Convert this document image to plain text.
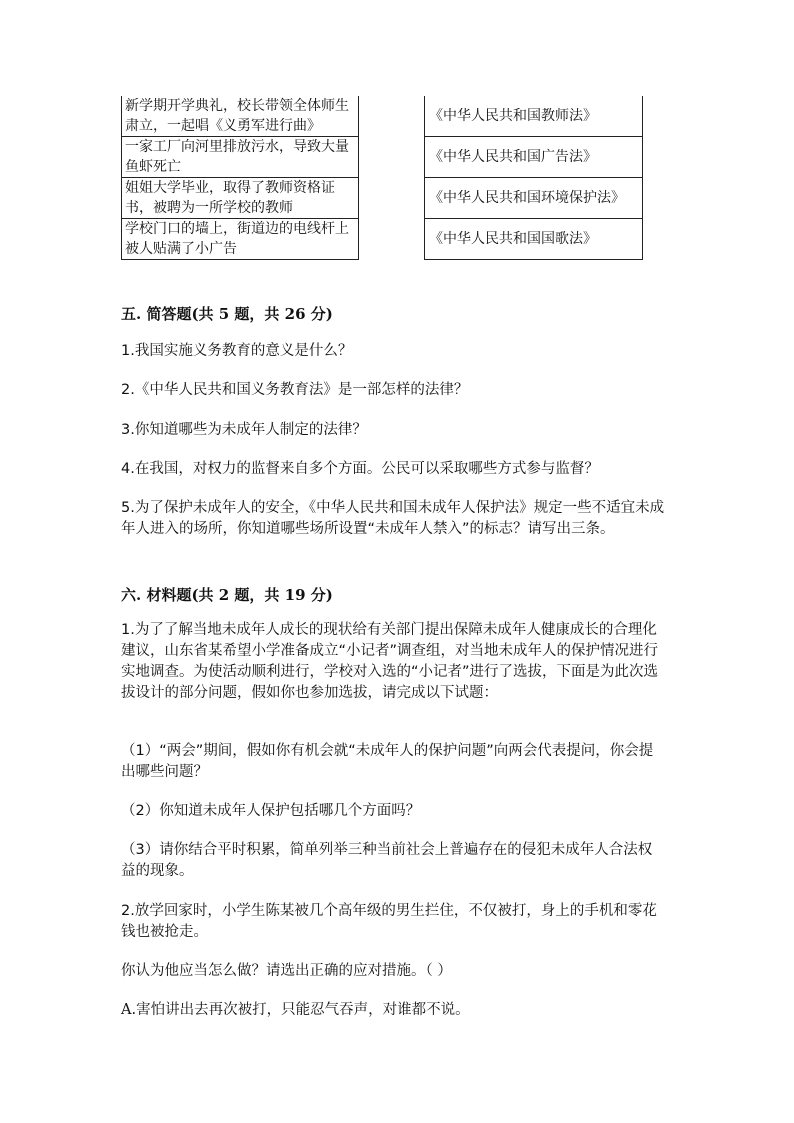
新学期开学典礼，校长带领全体师生肃立，一起唱《义勇军进行曲》
一家工厂向河里排放污水，导致大量鱼虾死亡
姐姐大学毕业，取得了教师资格证书，被聘为一所学校的教师
学校门口的墙上，街道边的电线杆上被人贴满了小广告
《中华人民共和国教师法》
《中华人民共和国广告法》
《中华人民共和国环境保护法》
《中华人民共和国国歌法》
五. 简答题(共 5 题，共 26 分)
1.我国实施义务教育的意义是什么？
2.《中华人民共和国义务教育法》是一部怎样的法律？
3.你知道哪些为未成年人制定的法律？
4.在我国，对权力的监督来自多个方面。公民可以采取哪些方式参与监督？
5.为了保护未成年人的安全，《中华人民共和国未成年人保护法》规定一些不适宜未成年人进入的场所，你知道哪些场所设置“未成年人禁入”的标志？请写出三条。
六. 材料题(共 2 题，共 19 分)
1.为了了解当地未成年人成长的现状给有关部门提出保障未成年人健康成长的合理化建议，山东省某希望小学准备成立“小记者”调查组，对当地未成年人的保护情况进行实地调查。为使活动顺利进行，学校对入选的“小记者”进行了选拔，下面是为此次选拔设计的部分问题，假如你也参加选拔，请完成以下试题：
（1）“两会”期间，假如你有机会就“未成年人的保护问题”向两会代表提问，你会提出哪些问题？
（2）你知道未成年人保护包括哪几个方面吗？
（3）请你结合平时积累，简单列举三种当前社会上普遍存在的侵犯未成年人合法权益的现象。
2.放学回家时，小学生陈某被几个高年级的男生拦住，不仅被打，身上的手机和零花钱也被抢走。
你认为他应当怎么做？请选出正确的应对措施。（ ）
A.害怕讲出去再次被打，只能忍气吞声，对谁都不说。
